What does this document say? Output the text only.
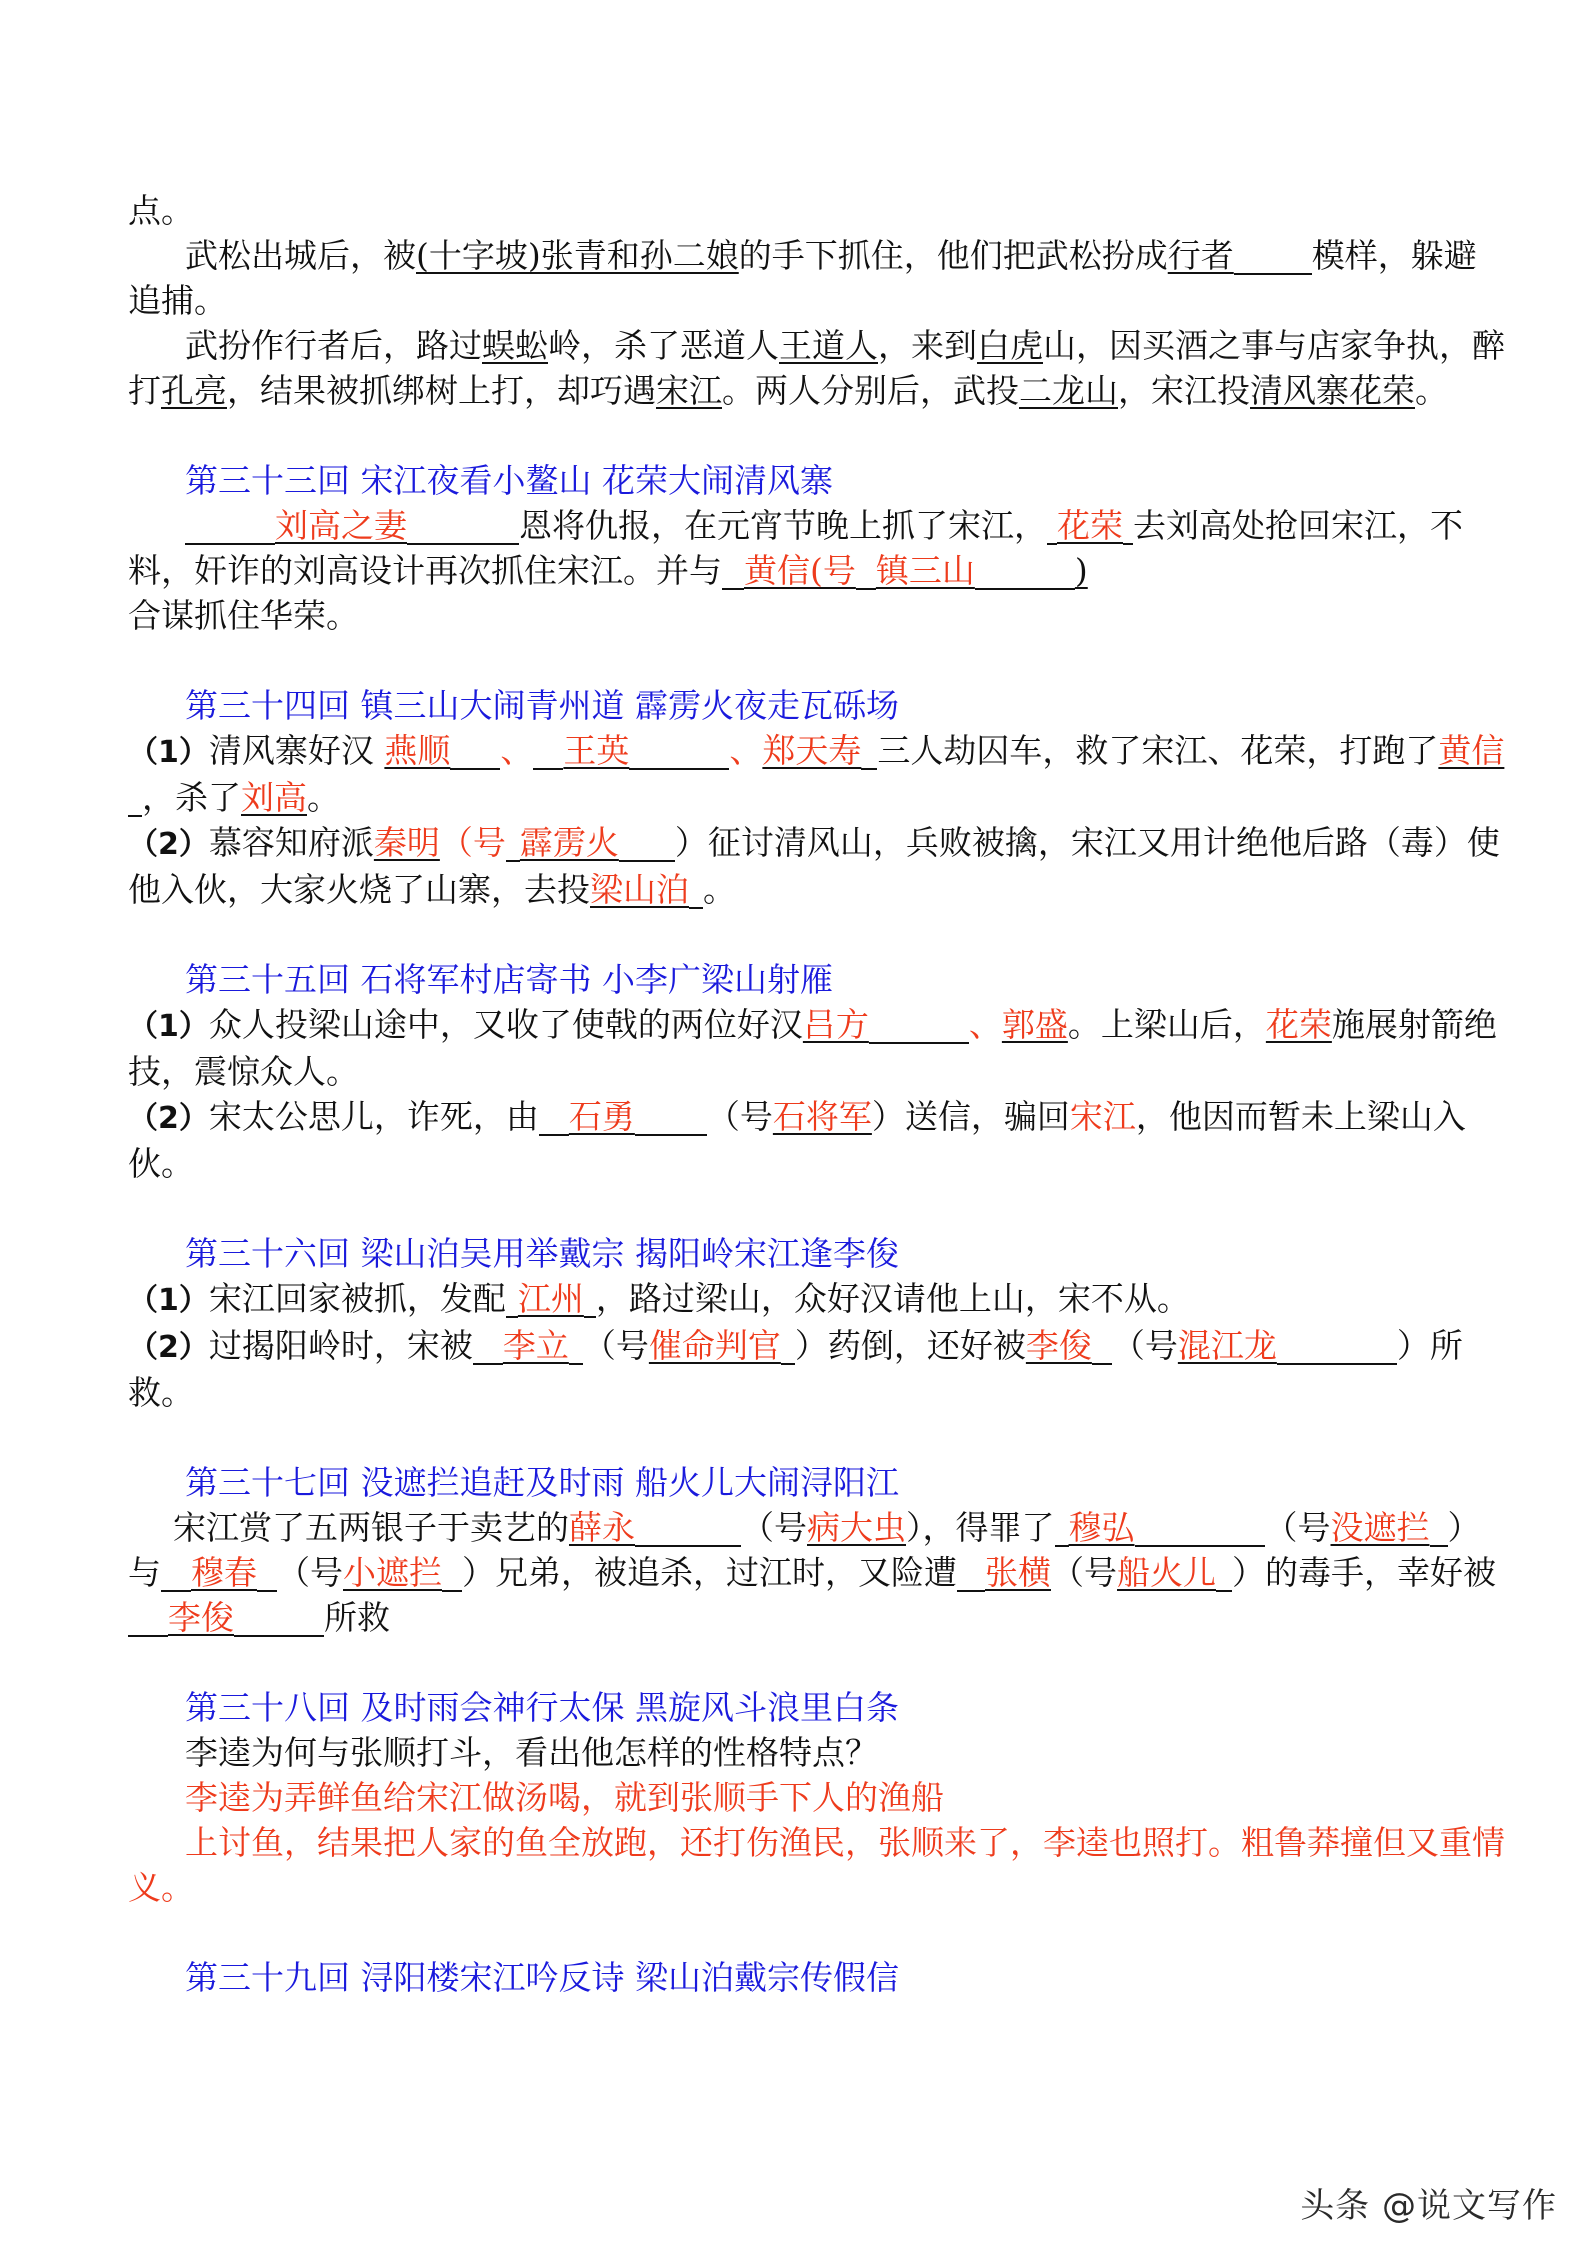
点。

武松出城后，被(十字坡)张青和孙二娘的手下抓住，他们把武松扮成行者 模样，躲避追捕。

武扮作行者后，路过蜈蚣岭，杀了恶道人王道人，来到白虎山，因买酒之事与店家争执，醉打孔亮，结果被抓绑树上打，却巧遇宋江。两人分别后，武投二龙山，宋江投清风寨花荣。

第三十三回 宋江夜看小鳌山 花荣大闹清风寨

刘高之妻	恩将仇报，在元宵节晚上抓了宋江， 花荣 去刘高处抢回宋江，不料，奸诈的刘高设计再次抓住宋江。并与 黄信(号 镇三山	)
合谋抓住华荣。

第三十四回 镇三山大闹青州道 霹雳火夜走瓦砾场

（1）清风寨好汉 燕顺 、 王英	、郑天寿 三人劫囚车，救了宋江、花荣，打跑了黄信，杀了刘高。

（2）慕容知府派秦明（号 霹雳火 ）征讨清风山，兵败被擒，宋江又用计绝他后路（毒）使他入伙，大家火烧了山寨，去投梁山泊 。

第三十五回 石将军村店寄书 小李广梁山射雁

（1）众人投梁山途中，又收了使戟的两位好汉吕方	、郭盛。上梁山后，花荣施展射箭绝技，震惊众人。

（2）宋太公思儿，诈死，由 石勇 （号石将军）送信，骗回宋江，他因而暂未上梁山入伙。

第三十六回 梁山泊吴用举戴宗 揭阳岭宋江逢李俊

（1）宋江回家被抓，发配 江州 ，路过梁山，众好汉请他上山，宋不从。

（2）过揭阳岭时，宋被 李立 （号催命判官 ）药倒，还好被李俊 （号混江龙	）所救。

第三十七回 没遮拦追赶及时雨 船火儿大闹浔阳江

宋江赏了五两银子于卖艺的薛永	（号病大虫），得罪了 穆弘	（号没遮拦 ）与 穆春 （号小遮拦 ）兄弟，被追杀，过江时，又险遭 张横（号船火儿 ）的毒手，幸好被李俊	所救

第三十八回 及时雨会神行太保 黑旋风斗浪里白条

李逵为何与张顺打斗，看出他怎样的性格特点？

李逵为弄鲜鱼给宋江做汤喝，就到张顺手下人的渔船

上讨鱼，结果把人家的鱼全放跑，还打伤渔民，张顺来了，李逵也照打。粗鲁莽撞但又重情义。

第三十九回 浔阳楼宋江吟反诗 梁山泊戴宗传假信

头条 @说文写作
